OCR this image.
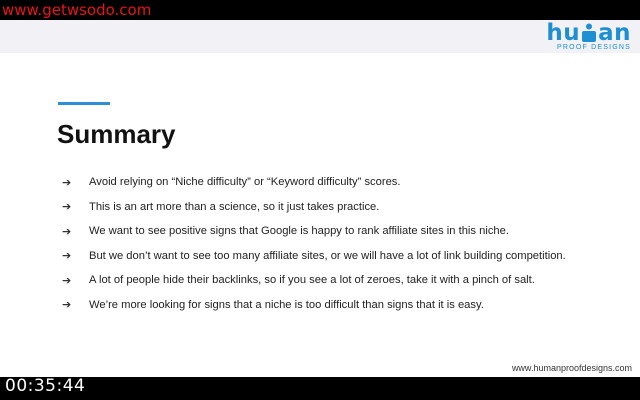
www.getwsodo.com
hu an
PROOF DESIGNS
Summary
➔	Avoid relying on “Niche difficulty” or “Keyword difficulty” scores.
➔	This is an art more than a science, so it just takes practice.
➔	We want to see positive signs that Google is happy to rank affiliate sites in this niche.
➔	But we don’t want to see too many affiliate sites, or we will have a lot of link building competition.
➔	A lot of people hide their backlinks, so if you see a lot of zeroes, take it with a pinch of salt.
➔	We’re more looking for signs that a niche is too difficult than signs that it is easy.
www.humanproofdesigns.com
00:35:44
